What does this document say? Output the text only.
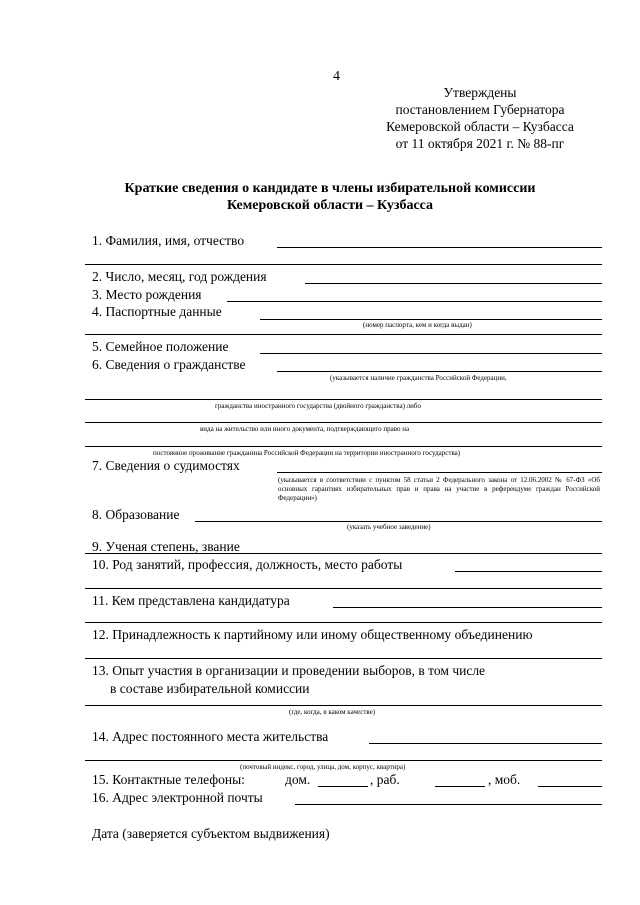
4
Утверждены
постановлением Губернатора
Кемеровской области – Кузбасса
от 11 октября 2021 г. № 88-пг
Краткие сведения о кандидате в члены избирательной комиссии
Кемеровской области – Кузбасса
1. Фамилия, имя, отчество
2. Число, месяц, год рождения
3. Место рождения
4. Паспортные данные
(номер паспорта, кем и когда выдан)
5. Семейное положение
6. Сведения о гражданстве
(указывается наличие гражданства Российской Федерации,
гражданства иностранного государства (двойного гражданства) либо
вида на жительство или иного документа, подтверждающего право на
постоянное проживание гражданина Российской Федерации на территории иностранного государства)
7. Сведения о судимостях
(указывается в соответствии с пунктом 58 статьи 2 Федерального закона от 12.06.2002 № 67-ФЗ «Об основных гарантиях избирательных прав и права на участие в референдуме граждан Российской Федерации»)
8. Образование
(указать учебное заведение)
9. Ученая степень, звание
10. Род занятий, профессия, должность, место работы
11. Кем представлена кандидатура
12. Принадлежность к партийному или иному общественному объединению
13. Опыт участия в организации и проведении выборов, в том числе
в составе избирательной комиссии
(где, когда, в каком качестве)
14. Адрес постоянного места жительства
(почтовый индекс, город, улица, дом, корпус, квартира)
15. Контактные телефоны:	дом.	, раб.	, моб.
16. Адрес электронной почты
Дата (заверяется субъектом выдвижения)
